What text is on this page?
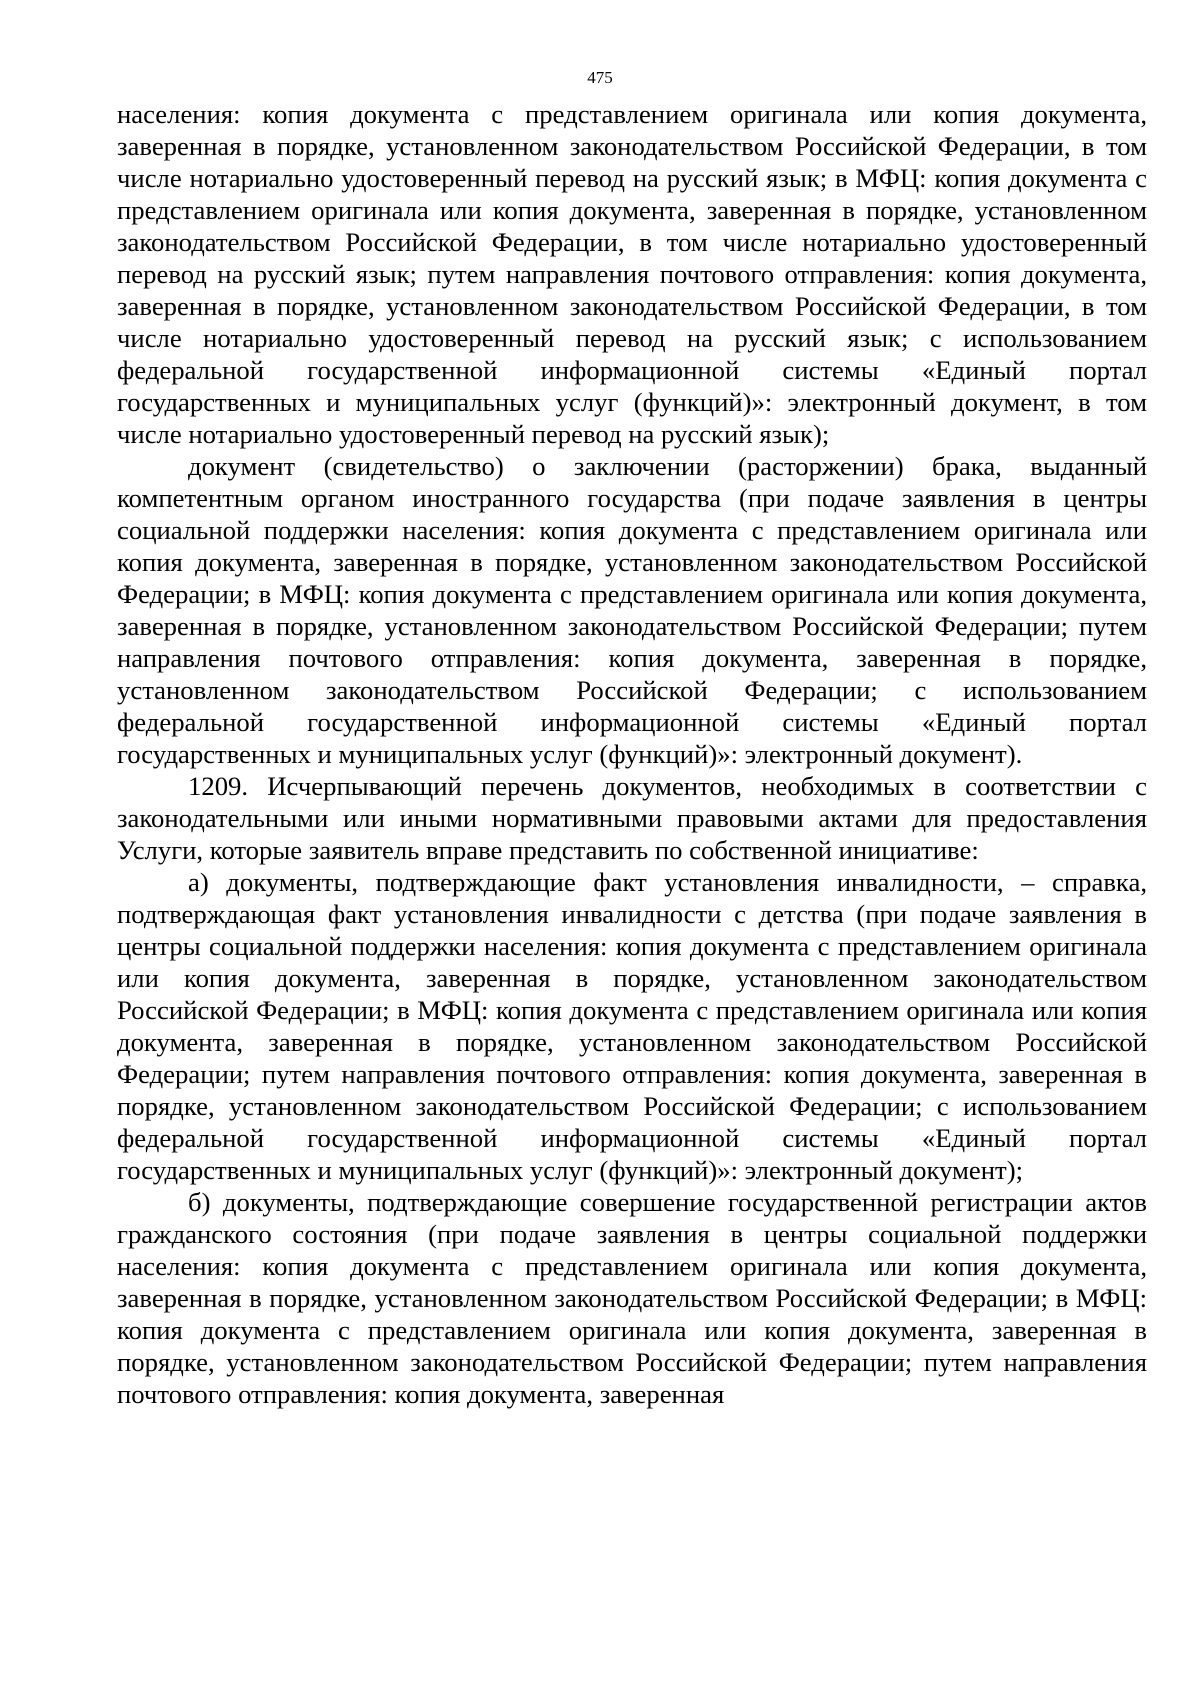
475

населения: копия документа с представлением оригинала или копия документа, заверенная в порядке, установленном законодательством Российской Федерации, в том числе нотариально удостоверенный перевод на русский язык; в МФЦ: копия документа с представлением оригинала или копия документа, заверенная в порядке, установленном законодательством Российской Федерации, в том числе нотариально удостоверенный перевод на русский язык; путем направления почтового отправления: копия документа, заверенная в порядке, установленном законодательством Российской Федерации, в том числе нотариально удостоверенный перевод на русский язык; с использованием федеральной государственной информационной системы «Единый портал государственных и муниципальных услуг (функций)»: электронный документ, в том числе нотариально удостоверенный перевод на русский язык);

документ (свидетельство) о заключении (расторжении) брака, выданный компетентным органом иностранного государства (при подаче заявления в центры социальной поддержки населения: копия документа с представлением оригинала или копия документа, заверенная в порядке, установленном законодательством Российской Федерации; в МФЦ: копия документа с представлением оригинала или копия документа, заверенная в порядке, установленном законодательством Российской Федерации; путем направления почтового отправления: копия документа, заверенная в порядке, установленном законодательством Российской Федерации; с использованием федеральной государственной информационной системы «Единый портал государственных и муниципальных услуг (функций)»: электронный документ).

1209. Исчерпывающий перечень документов, необходимых в соответствии с законодательными или иными нормативными правовыми актами для предоставления Услуги, которые заявитель вправе представить по собственной инициативе:

а) документы, подтверждающие факт установления инвалидности, – справка, подтверждающая факт установления инвалидности с детства (при подаче заявления в центры социальной поддержки населения: копия документа с представлением оригинала или копия документа, заверенная в порядке, установленном законодательством Российской Федерации; в МФЦ: копия документа с представлением оригинала или копия документа, заверенная в порядке, установленном законодательством Российской Федерации; путем направления почтового отправления: копия документа, заверенная в порядке, установленном законодательством Российской Федерации; с использованием федеральной государственной информационной системы «Единый портал государственных и муниципальных услуг (функций)»: электронный документ);

б) документы, подтверждающие совершение государственной регистрации актов гражданского состояния (при подаче заявления в центры социальной поддержки населения: копия документа с представлением оригинала или копия документа, заверенная в порядке, установленном законодательством Российской Федерации; в МФЦ: копия документа с представлением оригинала или копия документа, заверенная в порядке, установленном законодательством Российской Федерации; путем направления почтового отправления: копия документа, заверенная
